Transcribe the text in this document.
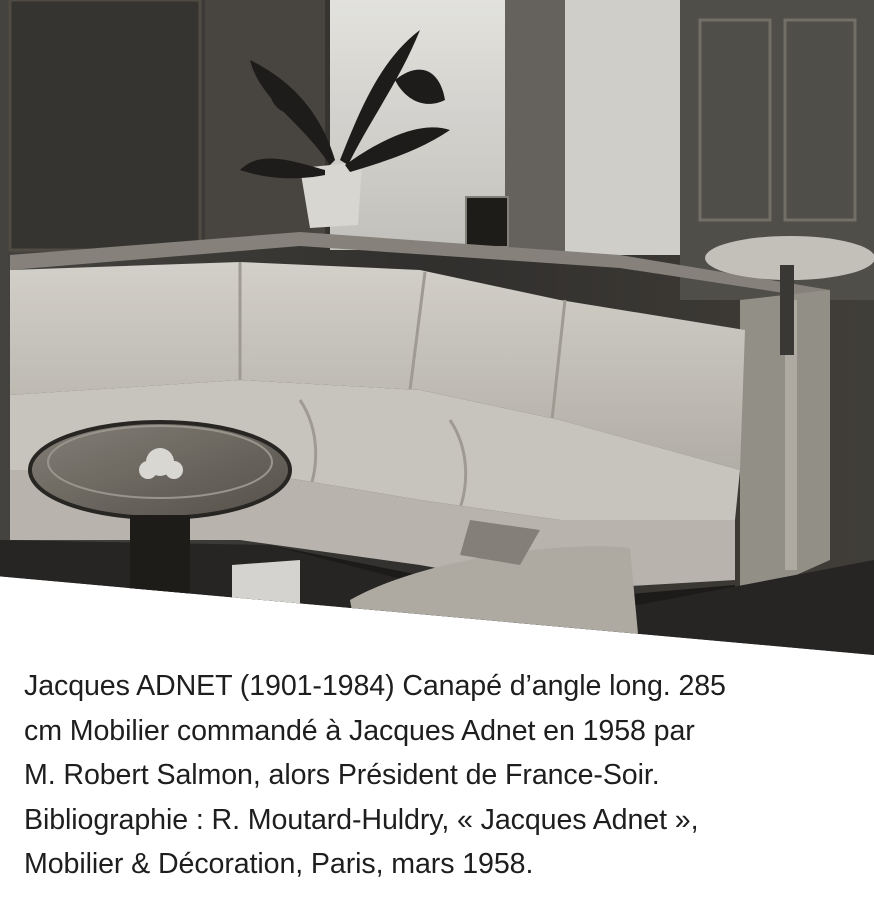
Jacques ADNET (1901-1984) Canapé d’angle long. 285
cm Mobilier commandé à Jacques Adnet en 1958 par
M. Robert Salmon, alors Président de France-Soir.
Bibliographie : R. Moutard-Huldry, « Jacques Adnet »,
Mobilier & Décoration, Paris, mars 1958.
